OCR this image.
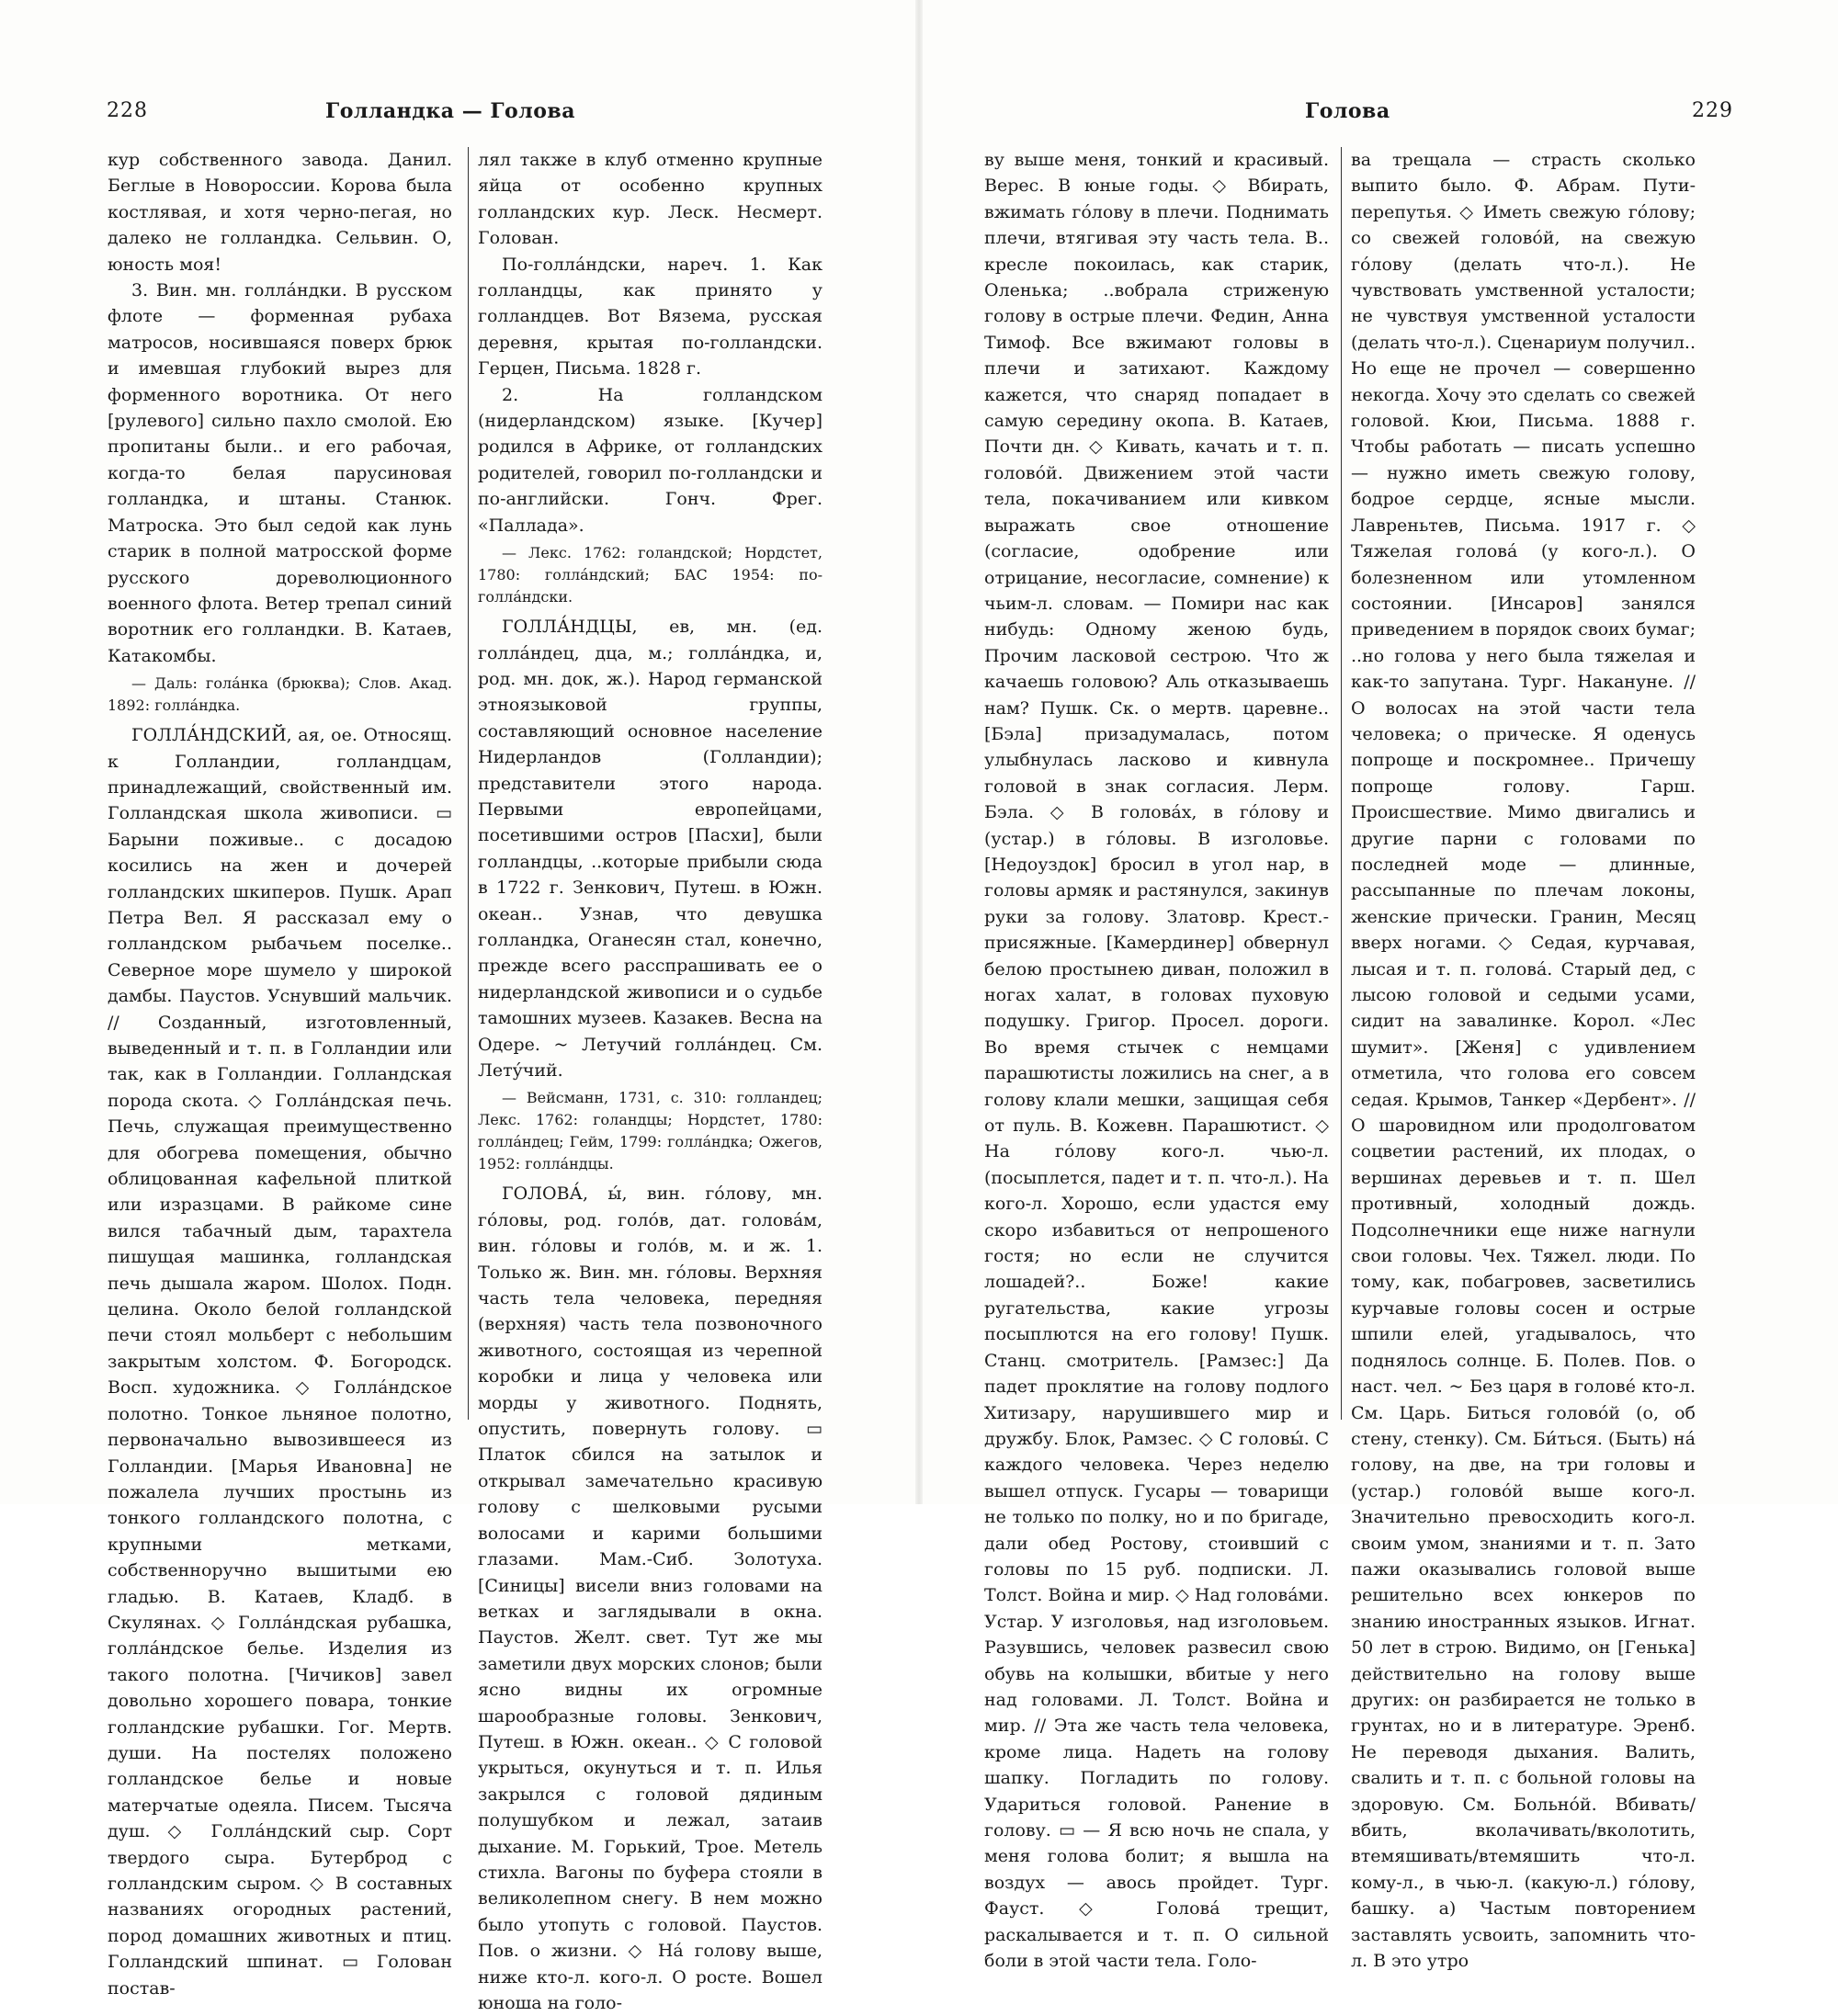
228	Голландка — Голова

кур собственного завода. Данил. Беглые в Новороссии. Корова была костлявая, и хотя черно-пегая, но далеко не голландка. Сельвин. О, юность моя!

3. Вин. мн. голла́ндки. В русском флоте — форменная рубаха матросов, носившаяся поверх брюк и имевшая глубокий вырез для форменного воротника. От него [рулевого] сильно пахло смолой. Ею пропитаны были.. и его рабочая, когда-то белая парусиновая голландка, и штаны. Станюк. Матроска. Это был седой как лунь старик в полной матросской форме русского дореволюционного военного флота. Ветер трепал синий воротник его голландки. В. Катаев, Катакомбы.

— Даль: гола́нка (брюква); Слов. Акад. 1892: голла́ндка.

ГОЛЛА́НДСКИЙ, ая, ое. Относящ. к Голландии, голландцам, принадлежащий, свойственный им. Голландская школа живописи. ▭ Барыни поживые.. с досадою косились на жен и дочерей голландских шкиперов. Пушк. Арап Петра Вел. Я рассказал ему о голландском рыбачьем поселке.. Северное море шумело у широкой дамбы. Паустов. Уснувший мальчик. // Созданный, изготовленный, выведенный и т. п. в Голландии или так, как в Голландии. Голландская порода скота. ◇ Голла́ндская печь. Печь, служащая преимущественно для обогрева помещения, обычно облицованная кафельной плиткой или изразцами. В райкоме сине вился табачный дым, тарахтела пишущая машинка, голландская печь дышала жаром. Шолох. Подн. целина. Около белой голландской печи стоял мольберт с небольшим закрытым холстом. Ф. Богородск. Восп. художника. ◇ Голла́ндское полотно. Тонкое льняное полотно, первоначально вывозившееся из Голландии. [Марья Ивановна] не пожалела лучших простынь из тонкого голландского полотна, с крупными метками, собственноручно вышитыми ею гладью. В. Катаев, Кладб. в Скулянах. ◇ Голла́ндская рубашка, голла́ндское белье. Изделия из такого полотна. [Чичиков] завел довольно хорошего повара, тонкие голландские рубашки. Гог. Мертв. души. На постелях положено голландское белье и новые матерчатые одеяла. Писем. Тысяча душ. ◇ Голла́ндский сыр. Сорт твердого сыра. Бутерброд с голландским сыром. ◇ В составных названиях огородных растений, пород домашних животных и птиц. Голландский шпинат. ▭ Голован постав-

лял также в клуб отменно крупные яйца от особенно крупных голландских кур. Леск. Несмерт. Голован.

По-голла́ндски, нареч. 1. Как голландцы, как принято у голландцев. Вот Вязема, русская деревня, крытая по-голландски. Герцен, Письма. 1828 г.

2. На голландском (нидерландском) языке. [Кучер] родился в Африке, от голландских родителей, говорил по-голландски и по-английски. Гонч. Фрег. «Паллада».

— Лекс. 1762: голандской; Нордстет, 1780: голла́ндский; БАС 1954: по-голла́ндски.

ГОЛЛА́НДЦЫ, ев, мн. (ед. голла́ндец, дца, м.; голла́ндка, и, род. мн. док, ж.). Народ германской этноязыковой группы, составляющий основное население Нидерландов (Голландии); представители этого народа. Первыми европейцами, посетившими остров [Пасхи], были голландцы, ..которые прибыли сюда в 1722 г. Зенкович, Путеш. в Южн. океан.. Узнав, что девушка голландка, Оганесян стал, конечно, прежде всего расспрашивать ее о нидерландской живописи и о судьбе тамошних музеев. Казакев. Весна на Одере. ~ Летучий голла́ндец. См. Лету́чий.

— Вейсманн, 1731, с. 310: голландец; Лекс. 1762: голандцы; Нордстет, 1780: голла́ндец; Гейм, 1799: голла́ндка; Ожегов, 1952: голла́ндцы.

ГОЛОВА́, ы́, вин. го́лову, мн. го́ловы, род. голо́в, дат. голова́м, вин. го́ловы и голо́в, м. и ж. 1. Только ж. Вин. мн. го́ловы. Верхняя часть тела человека, передняя (верхняя) часть тела позвоночного животного, состоящая из черепной коробки и лица у человека или морды у животного. Поднять, опустить, повернуть голову. ▭ Платок сбился на затылок и открывал замечательно красивую голову с шелковыми русыми волосами и карими большими глазами. Мам.-Сиб. Золотуха. [Синицы] висели вниз головами на ветках и заглядывали в окна. Паустов. Желт. свет. Тут же мы заметили двух морских слонов; были ясно видны их огромные шарообразные головы. Зенкович, Путеш. в Южн. океан.. ◇ С головой укрыться, окунуться и т. п. Илья закрылся с головой дядиным полушубком и лежал, затаив дыхание. М. Горький, Трое. Метель стихла. Вагоны по буфера стояли в великолепном снегу. В нем можно было утопуть с головой. Паустов. Пов. о жизни. ◇ На́ голову выше, ниже кто-л. кого-л. О росте. Вошел юноша на голо-

Голова	229

ву выше меня, тонкий и красивый. Верес. В юные годы. ◇ Вбирать, вжимать го́лову в плечи. Поднимать плечи, втягивая эту часть тела. В.. кресле покоилась, как старик, Оленька; ..вобрала стриженую голову в острые плечи. Федин, Анна Тимоф. Все вжимают головы в плечи и затихают. Каждому кажется, что снаряд попадает в самую середину окопа. В. Катаев, Почти дн. ◇ Кивать, качать и т. п. голово́й. Движением этой части тела, покачиванием или кивком выражать свое отношение (согласие, одобрение или отрицание, несогласие, сомнение) к чьим-л. словам. — Помири нас как нибудь: Одному женою будь, Прочим ласковой сестрою. Что ж качаешь головою? Аль отказываешь нам? Пушк. Ск. о мертв. царевне.. [Бэла] призадумалась, потом улыбнулась ласково и кивнула головой в знак согласия. Лерм. Бэла. ◇ В голова́х, в го́лову и (устар.) в го́ловы. В изголовье. [Недоуздок] бросил в угол нар, в головы армяк и растянулся, закинув руки за голову. Златовр. Крест.-присяжные. [Камердинер] обвернул белою простынею диван, положил в ногах халат, в головах пуховую подушку. Григор. Просел. дороги. Во время стычек с немцами парашютисты ложились на снег, а в голову клали мешки, защищая себя от пуль. В. Кожевн. Парашютист. ◇ На го́лову кого-л. чью-л. (посыплется, падет и т. п. что-л.). На кого-л. Хорошо, если удастся ему скоро избавиться от непрошеного гостя; но если не случится лошадей?.. Боже! какие ругательства, какие угрозы посыплются на его голову! Пушк. Станц. смотритель. [Рамзес:] Да падет проклятие на голову подлого Хитизару, нарушившего мир и дружбу. Блок, Рамзес. ◇ С головы́. С каждого человека. Через неделю вышел отпуск. Гусары — товарищи не только по полку, но и по бригаде, дали обед Ростову, стоивший с головы по 15 руб. подписки. Л. Толст. Война и мир. ◇ Над голова́ми. Устар. У изголовья, над изголовьем. Разувшись, человек развесил свою обувь на колышки, вбитые у него над головами. Л. Толст. Война и мир. // Эта же часть тела человека, кроме лица. Надеть на голову шапку. Погладить по голову. Удариться головой. Ранение в голову. ▭ — Я всю ночь не спала, у меня голова болит; я вышла на воздух — авось пройдет. Тург. Фауст. ◇ Голова́ трещит, раскалывается и т. п. О сильной боли в этой части тела. Голо-

ва трещала — страсть сколько выпито было. Ф. Абрам. Пути-перепутья. ◇ Иметь свежую го́лову; со свежей голово́й, на свежую го́лову (делать что-л.). Не чувствовать умственной усталости; не чувствуя умственной усталости (делать что-л.). Сценариум получил.. Но еще не прочел — совершенно некогда. Хочу это сделать со свежей головой. Кюи, Письма. 1888 г. Чтобы работать — писать успешно — нужно иметь свежую голову, бодрое сердце, ясные мысли. Лавреньтев, Письма. 1917 г. ◇ Тяжелая голова́ (у кого-л.). О болезненном или утомленном состоянии. [Инсаров] занялся приведением в порядок своих бумаг; ..но голова у него была тяжелая и как-то запутана. Тург. Накануне. // О волосах на этой части тела человека; о прическе. Я оденусь попроще и поскромнее.. Причешу попроще голову. Гарш. Происшествие. Мимо двигались и другие парни с головами по последней моде — длинные, рассыпанные по плечам локоны, женские прически. Гранин, Месяц вверх ногами. ◇ Седая, курчавая, лысая и т. п. голова́. Старый дед, с лысою головой и седыми усами, сидит на завалинке. Корол. «Лес шумит». [Женя] с удивлением отметила, что голова его совсем седая. Крымов, Танкер «Дербент». // О шаровидном или продолговатом соцветии растений, их плодах, о вершинах деревьев и т. п. Шел противный, холодный дождь. Подсолнечники еще ниже нагнули свои головы. Чех. Тяжел. люди. По тому, как, побагровев, засветились курчавые головы сосен и острые шпили елей, угадывалось, что поднялось солнце. Б. Полев. Пов. о наст. чел. ~ Без царя в голове́ кто-л. См. Царь. Биться голово́й (о, об стену, стенку). См. Би́ться. (Быть) на́ голову, на две, на три головы и (устар.) голово́й выше кого-л. Значительно превосходить кого-л. своим умом, знаниями и т. п. Зато пажи оказывались головой выше решительно всех юнкеров по знанию иностранных языков. Игнат. 50 лет в строю. Видимо, он [Генька] действительно на голову выше других: он разбирается не только в грунтах, но и в литературе. Эренб. Не переводя дыхания. Валить, свалить и т. п. с больной головы на здоровую. См. Больно́й. Вбивать/вбить, вколачивать/вколотить, втемяшивать/втемяшить что-л. кому-л., в чью-л. (какую-л.) го́лову, башку. а) Частым повторением заставлять усвоить, запомнить что-л. В это утро
